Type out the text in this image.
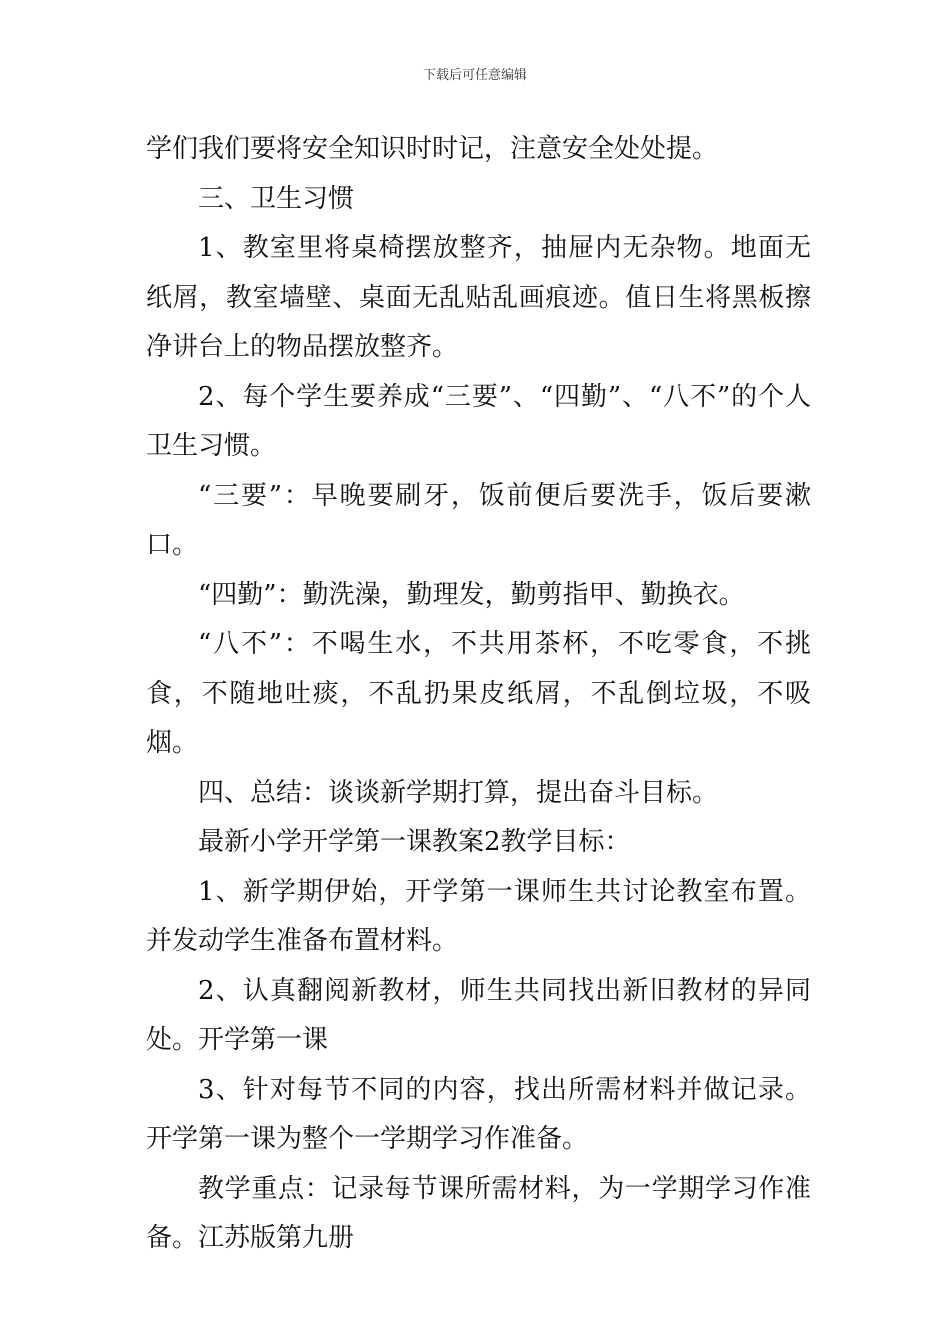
下载后可任意编辑

学们我们要将安全知识时时记，注意安全处处提。

三、卫生习惯

1、教室里将桌椅摆放整齐，抽屉内无杂物。地面无纸屑，教室墙壁、桌面无乱贴乱画痕迹。值日生将黑板擦净讲台上的物品摆放整齐。

2、每个学生要养成“三要”、“四勤”、“八不”的个人卫生习惯。

“三要”：早晚要刷牙，饭前便后要洗手，饭后要漱口。

“四勤”：勤洗澡，勤理发，勤剪指甲、勤换衣。

“八不”：不喝生水，不共用茶杯，不吃零食，不挑食，不随地吐痰，不乱扔果皮纸屑，不乱倒垃圾，不吸烟。

四、总结：谈谈新学期打算，提出奋斗目标。

最新小学开学第一课教案2教学目标：

1、新学期伊始，开学第一课师生共讨论教室布置。并发动学生准备布置材料。

2、认真翻阅新教材，师生共同找出新旧教材的异同处。开学第一课

3、针对每节不同的内容，找出所需材料并做记录。开学第一课为整个一学期学习作准备。

教学重点：记录每节课所需材料，为一学期学习作准备。江苏版第九册
